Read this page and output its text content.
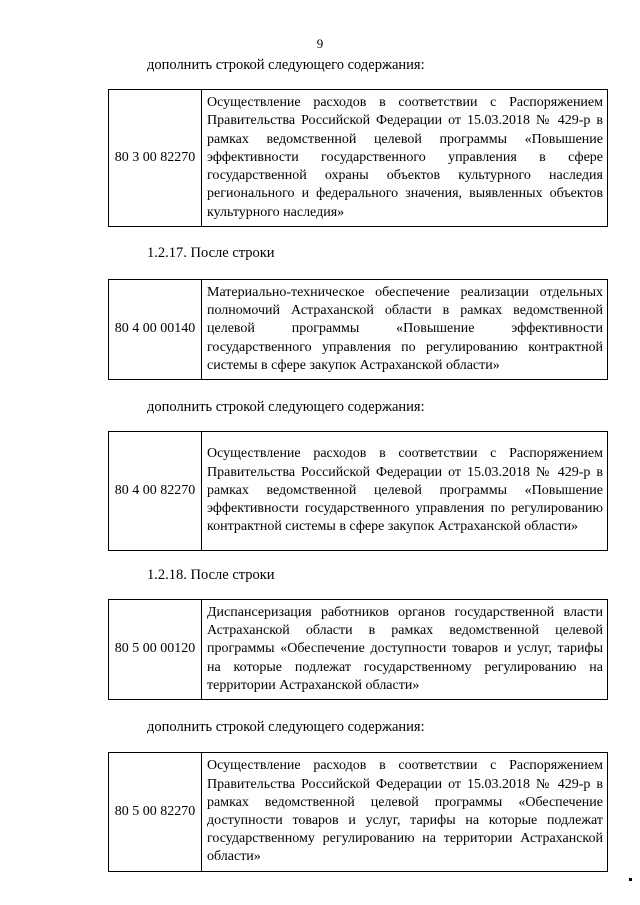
9
дополнить строкой следующего содержания:
80 3 00 82270	Осуществление расходов в соответствии с Распоряжением Правительства Российской Федерации от 15.03.2018 № 429-р в рамках ведомственной целевой программы «Повышение эффективности государственного управления в сфере государственной охраны объектов культурного наследия регионального и федерального значения, выявленных объектов культурного наследия»
1.2.17. После строки
80 4 00 00140	Материально-техническое обеспечение реализации отдельных полномочий Астраханской области в рамках ведомственной целевой программы «Повышение эффективности государственного управления по регулированию контрактной системы в сфере закупок Астраханской области»
дополнить строкой следующего содержания:
80 4 00 82270	Осуществление расходов в соответствии с Распоряжением Правительства Российской Федерации от 15.03.2018 № 429-р в рамках ведомственной целевой программы «Повышение эффективности государственного управления по регулированию контрактной системы в сфере закупок Астраханской области»
1.2.18. После строки
80 5 00 00120	Диспансеризация работников органов государственной власти Астраханской области в рамках ведомственной целевой программы «Обеспечение доступности товаров и услуг, тарифы на которые подлежат государственному регулированию на территории Астраханской области»
дополнить строкой следующего содержания:
80 5 00 82270	Осуществление расходов в соответствии с Распоряжением Правительства Российской Федерации от 15.03.2018 № 429-р в рамках ведомственной целевой программы «Обеспечение доступности товаров и услуг, тарифы на которые подлежат государственному регулированию на территории Астраханской области»
